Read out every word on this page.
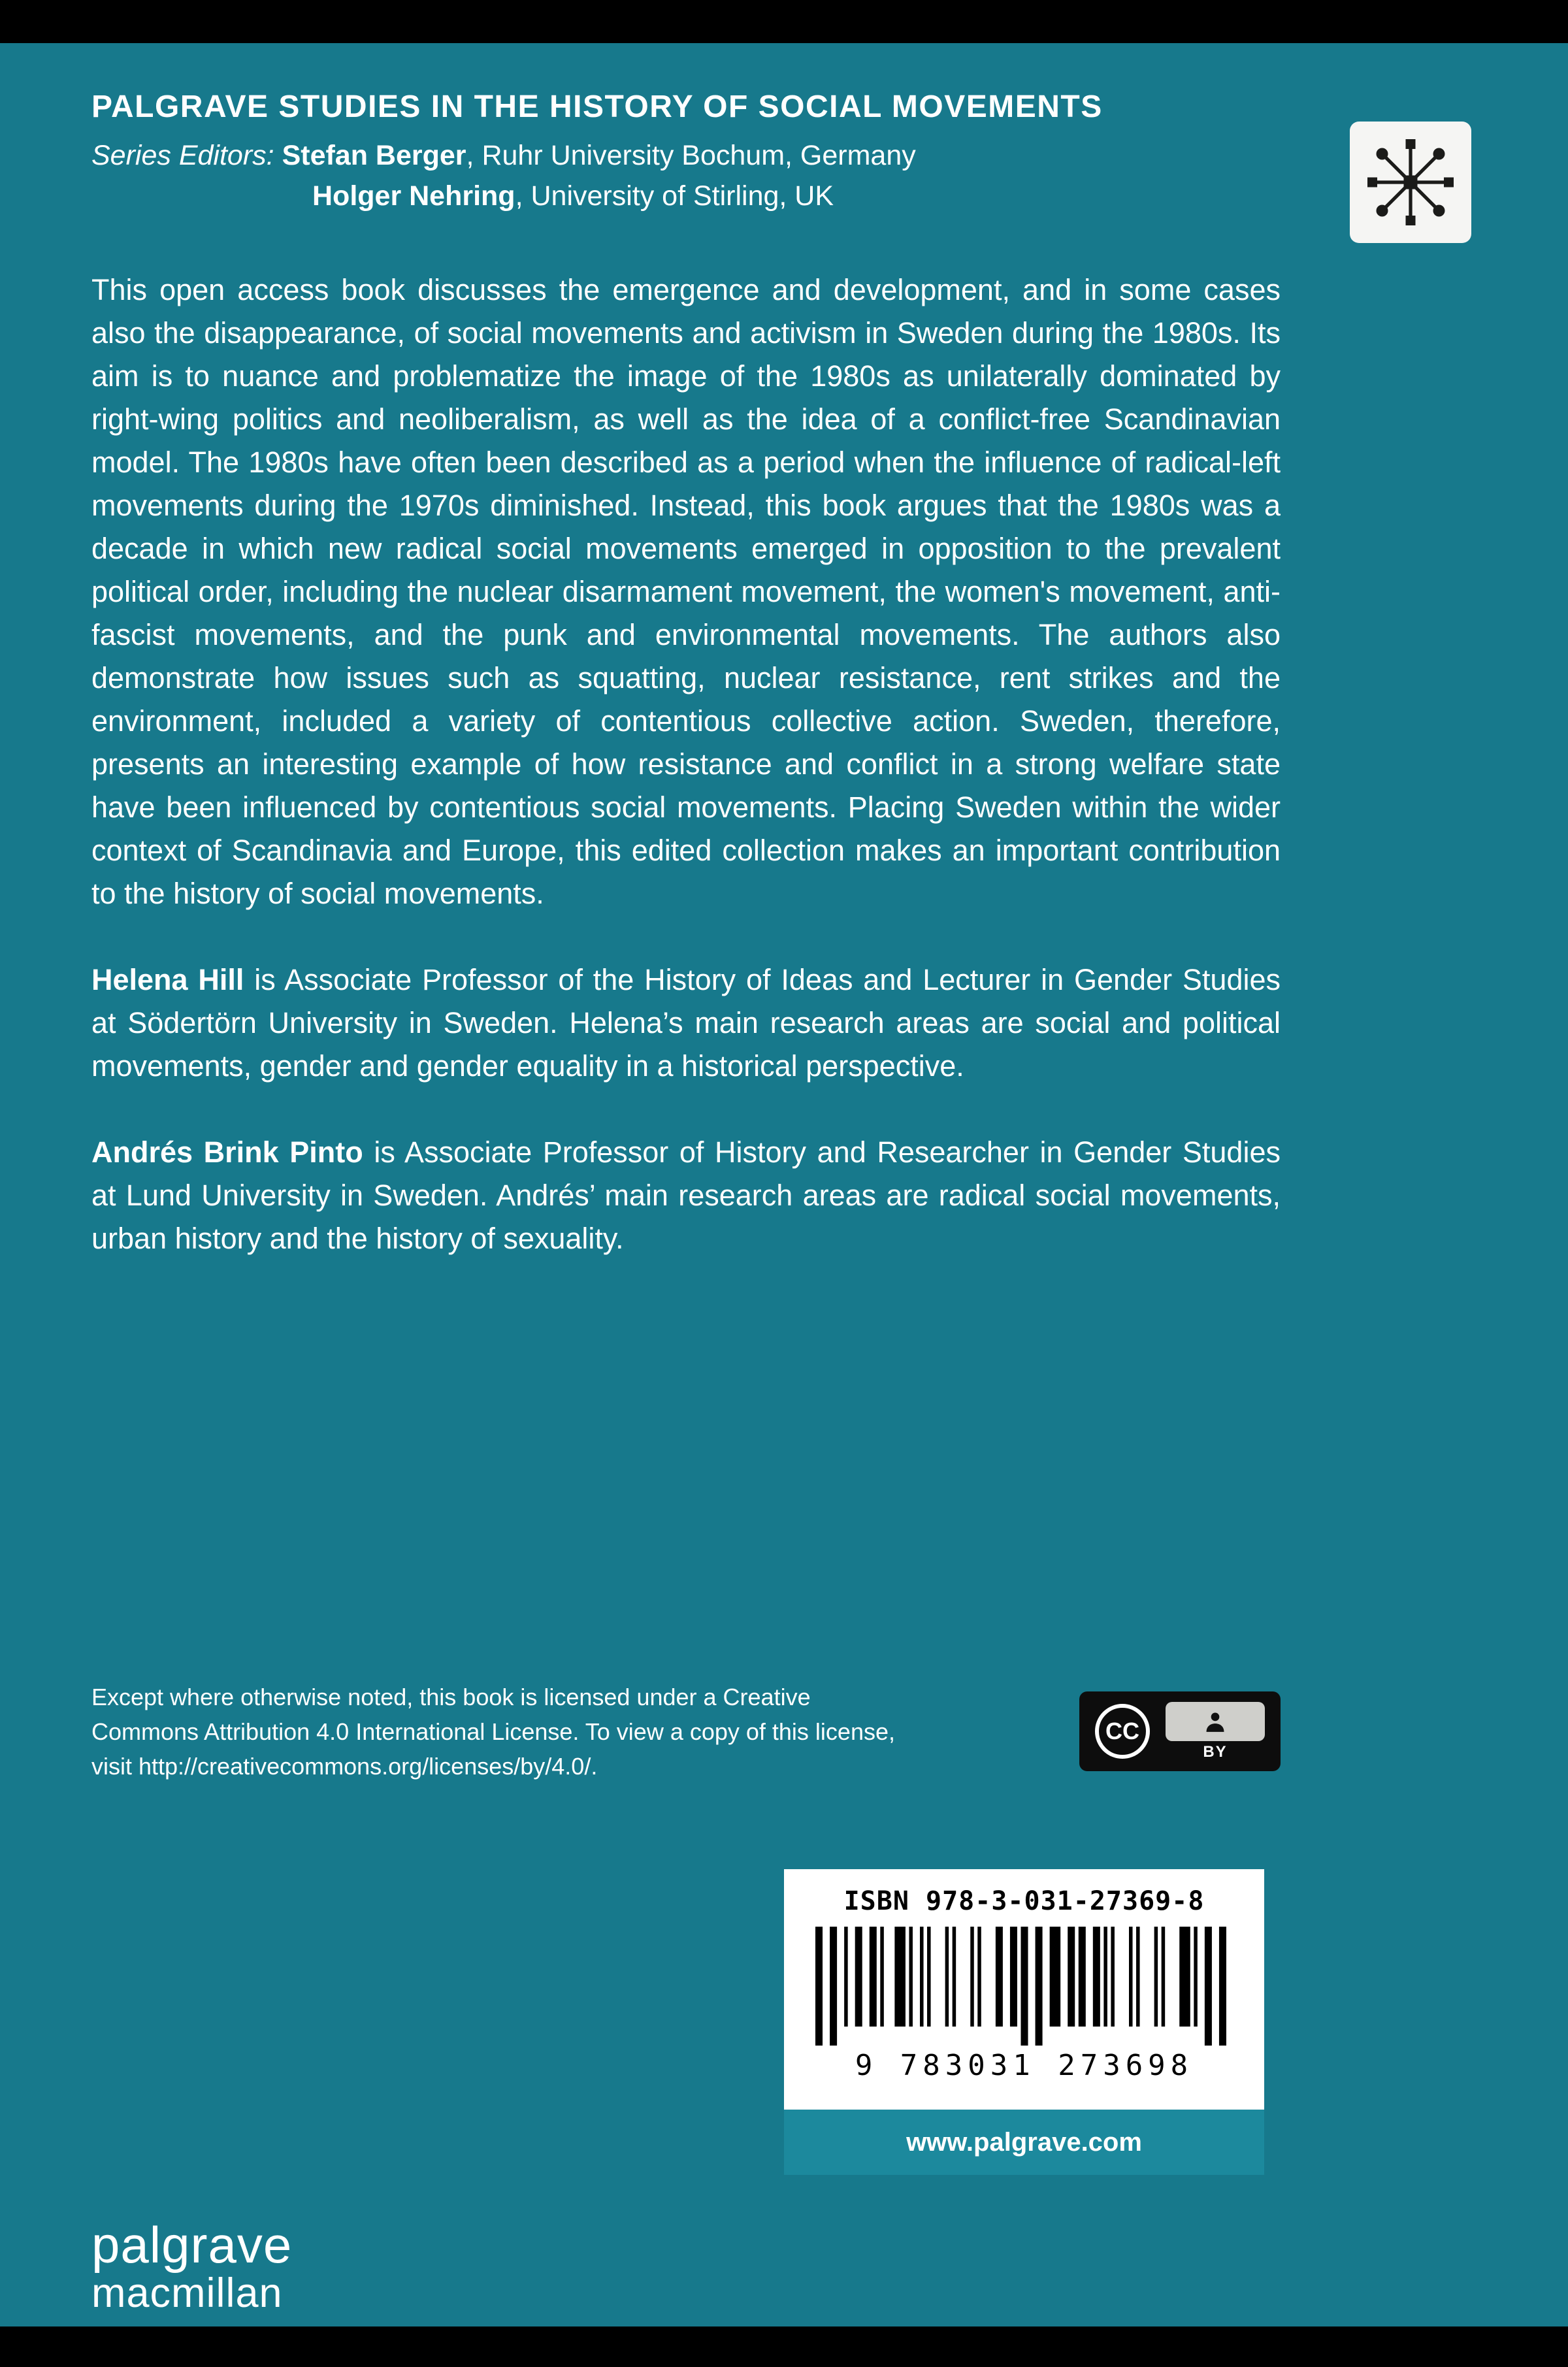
PALGRAVE STUDIES IN THE HISTORY OF SOCIAL MOVEMENTS
Series Editors: Stefan Berger, Ruhr University Bochum, Germany
Holger Nehring, University of Stirling, UK

This open access book discusses the emergence and development, and in some cases also the disappearance, of social movements and activism in Sweden during the 1980s. Its aim is to nuance and problematize the image of the 1980s as unilaterally dominated by right-wing politics and neoliberalism, as well as the idea of a conflict-free Scandinavian model. The 1980s have often been described as a period when the influence of radical-left movements during the 1970s diminished. Instead, this book argues that the 1980s was a decade in which new radical social movements emerged in opposition to the prevalent political order, including the nuclear disarmament movement, the women's movement, anti-fascist movements, and the punk and environmental movements. The authors also demonstrate how issues such as squatting, nuclear resistance, rent strikes and the environment, included a variety of contentious collective action. Sweden, therefore, presents an interesting example of how resistance and conflict in a strong welfare state have been influenced by contentious social movements. Placing Sweden within the wider context of Scandinavia and Europe, this edited collection makes an important contribution to the history of social movements.

Helena Hill is Associate Professor of the History of Ideas and Lecturer in Gender Studies at Södertörn University in Sweden. Helena’s main research areas are social and political movements, gender and gender equality in a historical perspective.

Andrés Brink Pinto is Associate Professor of History and Researcher in Gender Studies at Lund University in Sweden. Andrés’ main research areas are radical social movements, urban history and the history of sexuality.

Except where otherwise noted, this book is licensed under a Creative Commons Attribution 4.0 International License. To view a copy of this license, visit http://creativecommons.org/licenses/by/4.0/.

CC
BY
ISBN 978-3-031-27369-8
9 783031 273698
www.palgrave.com
palgrave
macmillan
